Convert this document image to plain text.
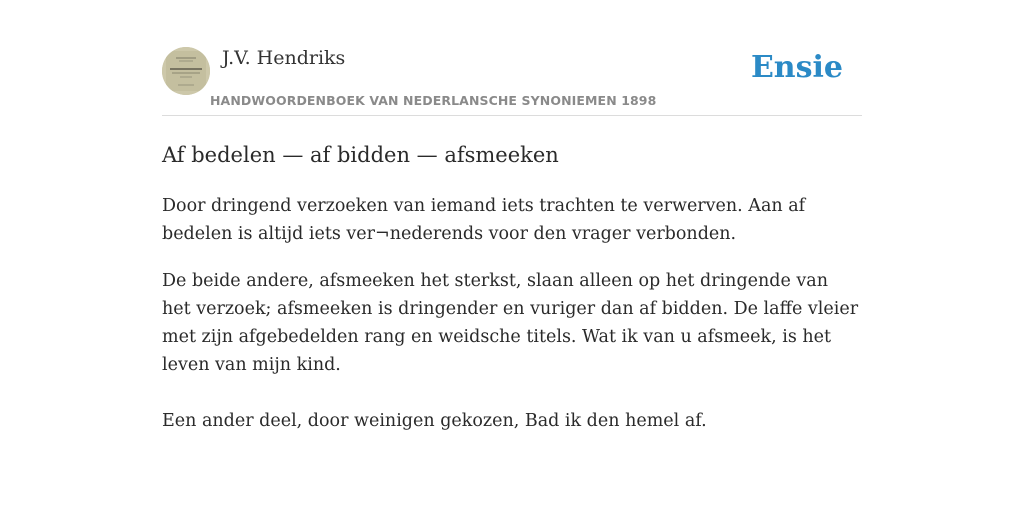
J.V. Hendriks
HANDWOORDENBOEK VAN NEDERLANSCHE SYNONIEMEN 1898
Ensie
Af bedelen — af bidden — afsmeeken

Door dringend verzoeken van iemand iets trachten te verwerven. Aan af bedelen is altijd iets ver¬nederends voor den vrager verbonden.

De beide andere, afsmeeken het sterkst, slaan alleen op het dringende van het verzoek; afsmeeken is dringender en vuriger dan af bidden. De laffe vleier met zijn afgebedelden rang en weidsche titels. Wat ik van u afsmeek, is het leven van mijn kind.

Een ander deel, door weinigen gekozen, Bad ik den hemel af.
